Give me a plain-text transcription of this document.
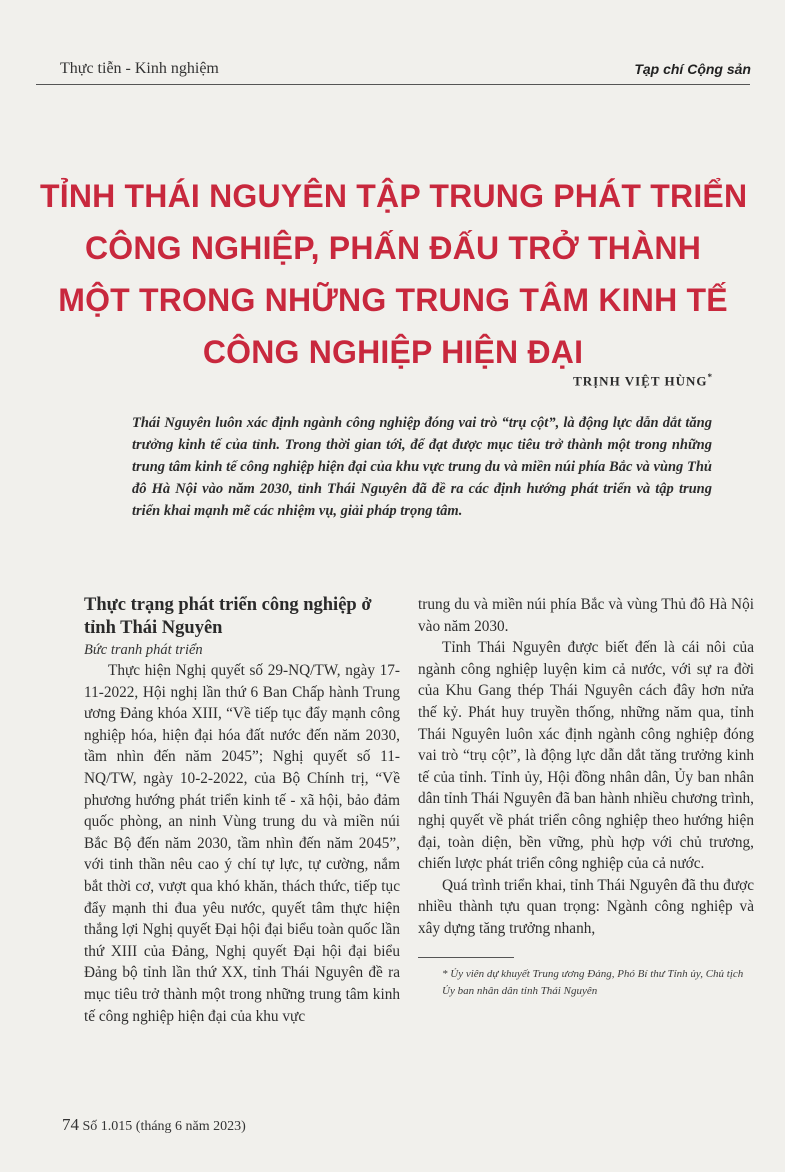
Thực tiễn - Kinh nghiệm	Tạp chí Cộng sản
TỈNH THÁI NGUYÊN TẬP TRUNG PHÁT TRIỂN
CÔNG NGHIỆP, PHẤN ĐẤU TRỞ THÀNH
MỘT TRONG NHỮNG TRUNG TÂM KINH TẾ
CÔNG NGHIỆP HIỆN ĐẠI
TRỊNH VIỆT HÙNG*

Thái Nguyên luôn xác định ngành công nghiệp đóng vai trò “trụ cột”, là động lực dẫn dắt tăng trưởng kinh tế của tỉnh. Trong thời gian tới, để đạt được mục tiêu trở thành một trong những trung tâm kinh tế công nghiệp hiện đại của khu vực trung du và miền núi phía Bắc và vùng Thủ đô Hà Nội vào năm 2030, tỉnh Thái Nguyên đã đề ra các định hướng phát triển và tập trung triển khai mạnh mẽ các nhiệm vụ, giải pháp trọng tâm.

Thực trạng phát triển công nghiệp ở tỉnh Thái Nguyên

Bức tranh phát triển

Thực hiện Nghị quyết số 29-NQ/TW, ngày 17-11-2022, Hội nghị lần thứ 6 Ban Chấp hành Trung ương Đảng khóa XIII, “Về tiếp tục đẩy mạnh công nghiệp hóa, hiện đại hóa đất nước đến năm 2030, tầm nhìn đến năm 2045”; Nghị quyết số 11-NQ/TW, ngày 10-2-2022, của Bộ Chính trị, “Về phương hướng phát triển kinh tế - xã hội, bảo đảm quốc phòng, an ninh Vùng trung du và miền núi Bắc Bộ đến năm 2030, tầm nhìn đến năm 2045”, với tinh thần nêu cao ý chí tự lực, tự cường, nắm bắt thời cơ, vượt qua khó khăn, thách thức, tiếp tục đẩy mạnh thi đua yêu nước, quyết tâm thực hiện thắng lợi Nghị quyết Đại hội đại biểu toàn quốc lần thứ XIII của Đảng, Nghị quyết Đại hội đại biểu Đảng bộ tỉnh lần thứ XX, tỉnh Thái Nguyên đề ra mục tiêu trở thành một trong những trung tâm kinh tế công nghiệp hiện đại của khu vực

trung du và miền núi phía Bắc và vùng Thủ đô Hà Nội vào năm 2030.

Tỉnh Thái Nguyên được biết đến là cái nôi của ngành công nghiệp luyện kim cả nước, với sự ra đời của Khu Gang thép Thái Nguyên cách đây hơn nửa thế kỷ. Phát huy truyền thống, những năm qua, tỉnh Thái Nguyên luôn xác định ngành công nghiệp đóng vai trò “trụ cột”, là động lực dẫn dắt tăng trưởng kinh tế của tỉnh. Tỉnh ủy, Hội đồng nhân dân, Ủy ban nhân dân tỉnh Thái Nguyên đã ban hành nhiều chương trình, nghị quyết về phát triển công nghiệp theo hướng hiện đại, toàn diện, bền vững, phù hợp với chủ trương, chiến lược phát triển công nghiệp của cả nước.

Quá trình triển khai, tỉnh Thái Nguyên đã thu được nhiều thành tựu quan trọng: Ngành công nghiệp và xây dựng tăng trưởng nhanh,

* Ủy viên dự khuyết Trung ương Đảng, Phó Bí thư Tỉnh ủy, Chủ tịch Ủy ban nhân dân tỉnh Thái Nguyên

74 Số 1.015 (tháng 6 năm 2023)
